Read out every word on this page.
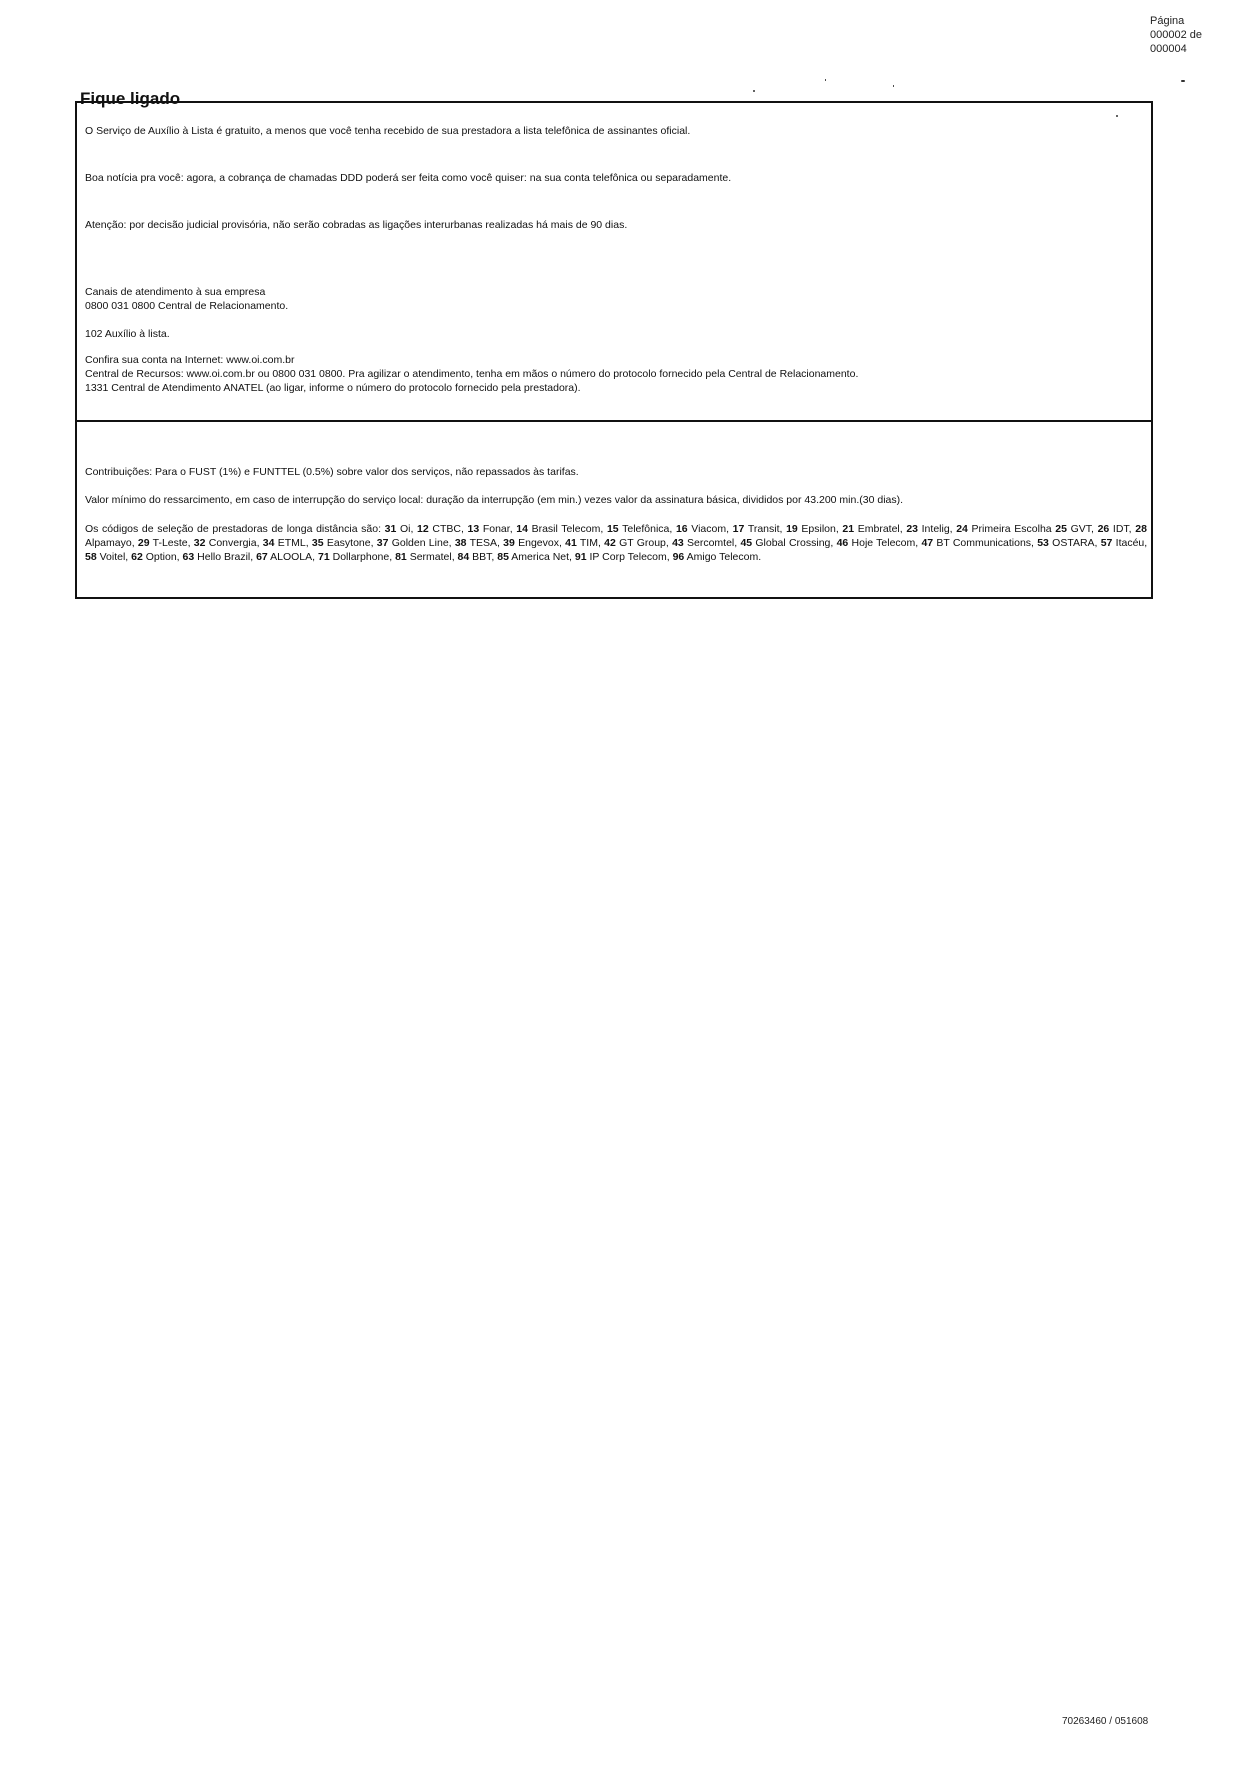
Página
000002 de
000004
Fique ligado
O Serviço de Auxílio à Lista é gratuito, a menos que você tenha recebido de sua prestadora a lista telefônica de assinantes oficial.
Boa notícia pra você: agora, a cobrança de chamadas DDD poderá ser feita como você quiser: na sua conta telefônica ou separadamente.
Atenção: por decisão judicial provisória, não serão cobradas as ligações interurbanas realizadas há mais de 90 dias.
Canais de atendimento à sua empresa
0800 031 0800 Central de Relacionamento.
102 Auxílio à lista.
Confira sua conta na Internet: www.oi.com.br
Central de Recursos: www.oi.com.br ou 0800 031 0800. Pra agilizar o atendimento, tenha em mãos o número do protocolo fornecido pela Central de Relacionamento.
1331 Central de Atendimento ANATEL (ao ligar, informe o número do protocolo fornecido pela prestadora).
Contribuições: Para o FUST (1%) e FUNTTEL (0.5%) sobre valor dos serviços, não repassados às tarifas.
Valor mínimo do ressarcimento, em caso de interrupção do serviço local: duração da interrupção (em min.) vezes valor da assinatura básica, divididos por 43.200 min.(30 dias).
Os códigos de seleção de prestadoras de longa distância são: 31 Oi, 12 CTBC, 13 Fonar, 14 Brasil Telecom, 15 Telefônica, 16 Viacom, 17 Transit, 19 Epsilon, 21 Embratel, 23 Intelig, 24 Primeira Escolha 25 GVT, 26 IDT, 28 Alpamayo, 29 T-Leste, 32 Convergia, 34 ETML, 35 Easytone, 37 Golden Line, 38 TESA, 39 Engevox, 41 TIM, 42 GT Group, 43 Sercomtel, 45 Global Crossing, 46 Hoje Telecom, 47 BT Communications, 53 OSTARA, 57 Itacéu, 58 Voitel, 62 Option, 63 Hello Brazil, 67 ALOOLA, 71 Dollarphone, 81 Sermatel, 84 BBT, 85 America Net, 91 IP Corp Telecom, 96 Amigo Telecom.
70263460 / 051608
